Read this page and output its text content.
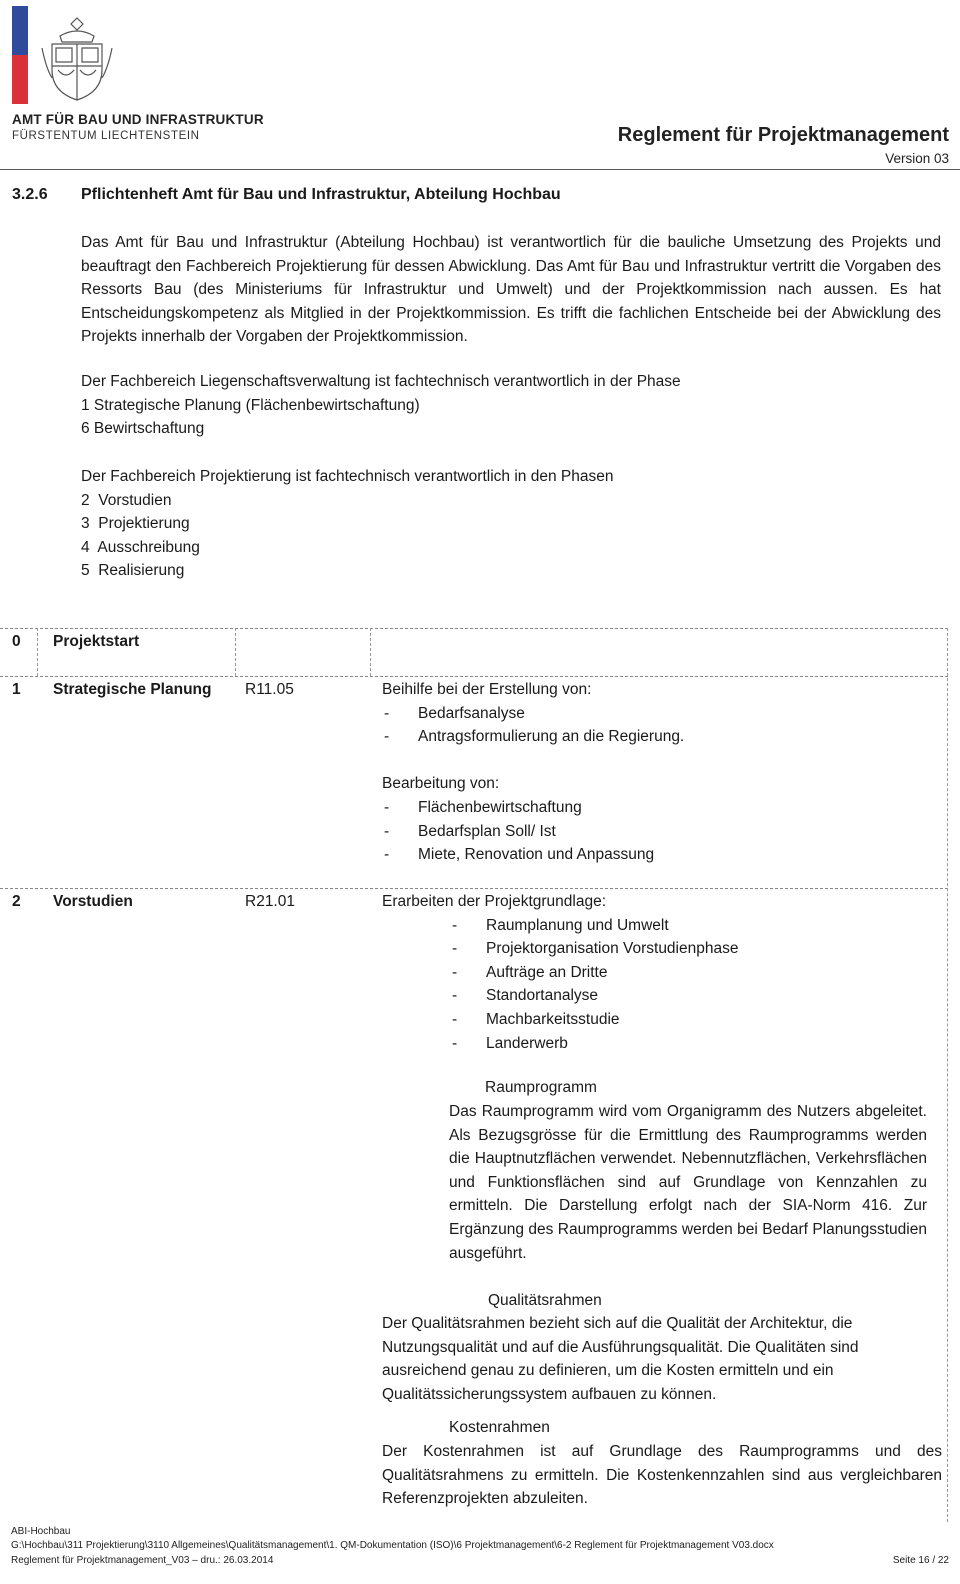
AMT FÜR BAU UND INFRASTRUKTUR
FÜRSTENTUM LIECHTENSTEIN	Reglement für Projektmanagement
Version 03
3.2.6 Pflichtenheft Amt für Bau und Infrastruktur, Abteilung Hochbau
Das Amt für Bau und Infrastruktur (Abteilung Hochbau) ist verantwortlich für die bauliche Umsetzung des Projekts und beauftragt den Fachbereich Projektierung für dessen Abwicklung. Das Amt für Bau und Infrastruktur vertritt die Vorgaben des Ressorts Bau (des Ministeriums für Infrastruktur und Umwelt) und der Projektkommission nach aussen. Es hat Entscheidungskompetenz als Mitglied in der Projektkommission. Es trifft die fachlichen Entscheide bei der Abwicklung des Projekts innerhalb der Vorgaben der Projektkommission.
Der Fachbereich Liegenschaftsverwaltung ist fachtechnisch verantwortlich in der Phase
1 Strategische Planung (Flächenbewirtschaftung)
6 Bewirtschaftung
Der Fachbereich Projektierung ist fachtechnisch verantwortlich in den Phasen
2  Vorstudien
3  Projektierung
4  Ausschreibung
5  Realisierung
0 Projektstart
1 Strategische Planung R11.05	Beihilfe bei der Erstellung von:
- Bedarfsanalyse
- Antragsformulierung an die Regierung.
Bearbeitung von:
- Flächenbewirtschaftung
- Bedarfsplan Soll/ Ist
- Miete, Renovation und Anpassung
2 Vorstudien	R21.01	Erarbeiten der Projektgrundlage:
- Raumplanung und Umwelt
- Projektorganisation Vorstudienphase
- Aufträge an Dritte
- Standortanalyse
- Machbarkeitsstudie
- Landerwerb
Raumprogramm
Das Raumprogramm wird vom Organigramm des Nutzers abgeleitet. Als Bezugsgrösse für die Ermittlung des Raumprogramms werden die Hauptnutzflächen verwendet. Nebennutzflächen, Verkehrsflächen und Funktionsflächen sind auf Grundlage von Kennzahlen zu ermitteln. Die Darstellung erfolgt nach der SIA-Norm 416. Zur Ergänzung des Raumprogramms werden bei Bedarf Planungsstudien ausgeführt.
Qualitätsrahmen
Der Qualitätsrahmen bezieht sich auf die Qualität der Architektur, die Nutzungsqualität und auf die Ausführungsqualität. Die Qualitäten sind ausreichend genau zu definieren, um die Kosten ermitteln und ein Qualitätssicherungssystem aufbauen zu können.
Kostenrahmen
Der Kostenrahmen ist auf Grundlage des Raumprogramms und des Qualitätsrahmens zu ermitteln. Die Kostenkennzahlen sind aus vergleichbaren Referenzprojekten abzuleiten.
ABI-Hochbau
G:\Hochbau\311 Projektierung\3110 Allgemeines\Qualitätsmanagement\1. QM-Dokumentation (ISO)\6 Projektmanagement\6-2 Reglement für Projektmanagement V03.docx
Reglement für Projektmanagement_V03 – dru.: 26.03.2014	Seite 16 / 22
